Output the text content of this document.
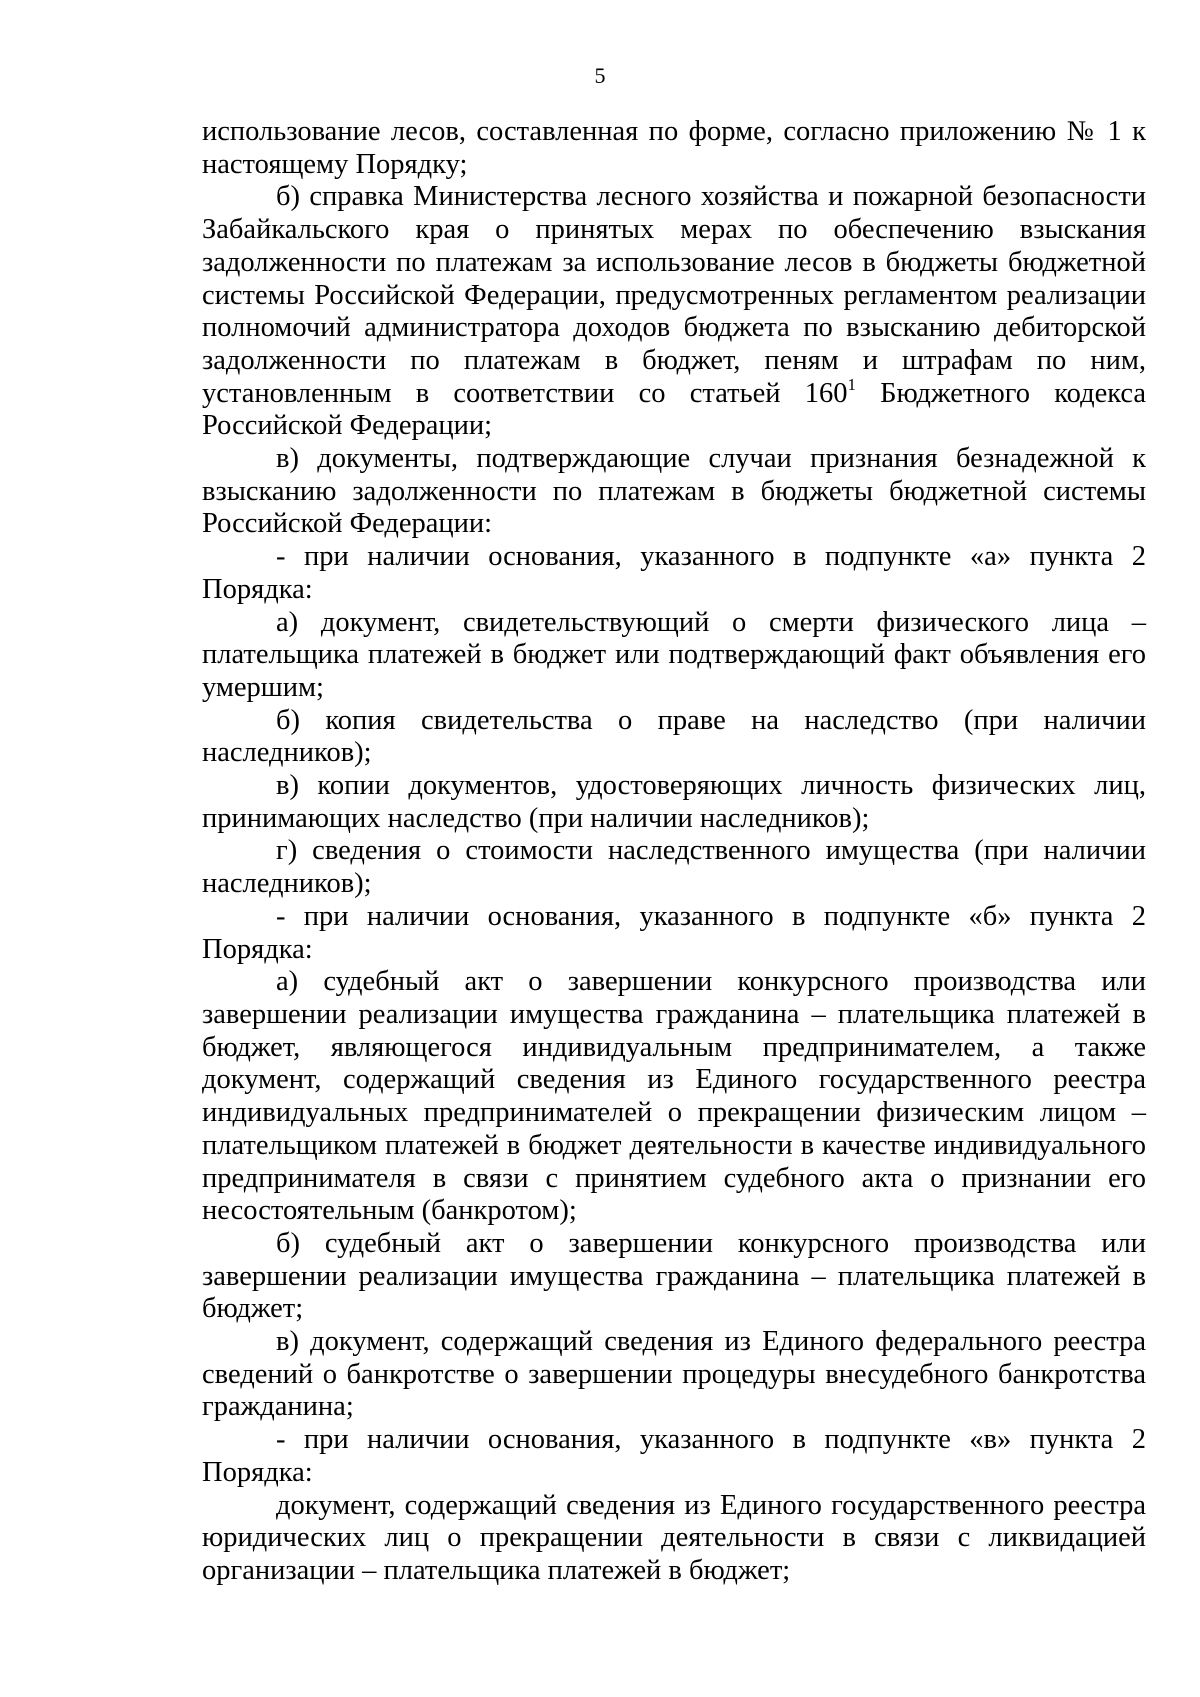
5

использование лесов, составленная по форме, согласно приложению № 1 к настоящему Порядку;

б) справка Министерства лесного хозяйства и пожарной безопасности Забайкальского края о принятых мерах по обеспечению взыскания задолженности по платежам за использование лесов в бюджеты бюджетной системы Российской Федерации, предусмотренных регламентом реализации полномочий администратора доходов бюджета по взысканию дебиторской задолженности по платежам в бюджет, пеням и штрафам по ним, установленным в соответствии со статьей $160^1$ Бюджетного кодекса Российской Федерации;

в) документы, подтверждающие случаи признания безнадежной к взысканию задолженности по платежам в бюджеты бюджетной системы Российской Федерации:

- при наличии основания, указанного в подпункте «а» пункта 2 Порядка:

а) документ, свидетельствующий о смерти физического лица – плательщика платежей в бюджет или подтверждающий факт объявления его умершим;

б) копия свидетельства о праве на наследство (при наличии наследников);

в) копии документов, удостоверяющих личность физических лиц, принимающих наследство (при наличии наследников);

г) сведения о стоимости наследственного имущества (при наличии наследников);

- при наличии основания, указанного в подпункте «б» пункта 2 Порядка:

а) судебный акт о завершении конкурсного производства или завершении реализации имущества гражданина – плательщика платежей в бюджет, являющегося индивидуальным предпринимателем, а также документ, содержащий сведения из Единого государственного реестра индивидуальных предпринимателей о прекращении физическим лицом – плательщиком платежей в бюджет деятельности в качестве индивидуального предпринимателя в связи с принятием судебного акта о признании его несостоятельным (банкротом);

б) судебный акт о завершении конкурсного производства или завершении реализации имущества гражданина – плательщика платежей в бюджет;

в) документ, содержащий сведения из Единого федерального реестра сведений о банкротстве о завершении процедуры внесудебного банкротства гражданина;

- при наличии основания, указанного в подпункте «в» пункта 2 Порядка:

документ, содержащий сведения из Единого государственного реестра юридических лиц о прекращении деятельности в связи с ликвидацией организации – плательщика платежей в бюджет;
